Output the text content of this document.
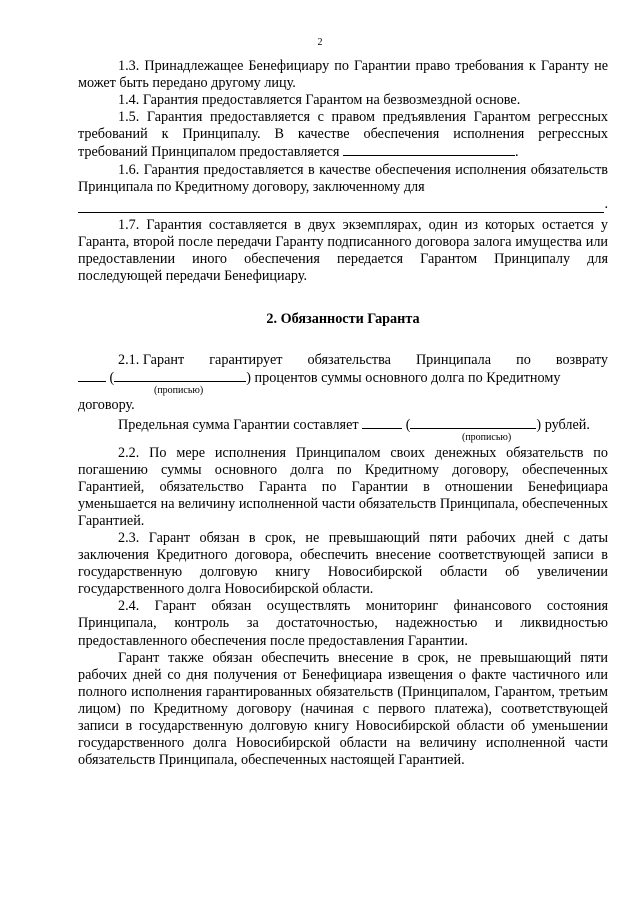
2

1.3. Принадлежащее Бенефициару по Гарантии право требования к Гаранту не может быть передано другому лицу.

1.4. Гарантия предоставляется Гарантом на безвозмездной основе.

1.5. Гарантия предоставляется с правом предъявления Гарантом регрессных требований к Принципалу. В качестве обеспечения исполнения регрессных требований Принципалом предоставляется	.

1.6. Гарантия предоставляется в качестве обеспечения исполнения обязательств Принципала по Кредитному договору, заключенному для

.

1.7. Гарантия составляется в двух экземплярах, один из которых остается у Гаранта, второй после передачи Гаранту подписанного договора залога имущества или предоставлении иного обеспечения передается Гарантом Принципалу для последующей передачи Бенефициару.

2. Обязанности Гаранта
2.1. Гарант гарантирует обязательства Принципала по возврату
(	) процентов суммы основного долга по Кредитному
(прописью)
договору.
Предельная сумма Гарантии составляет	(	) рублей.
(прописью)

2.2. По мере исполнения Принципалом своих денежных обязательств по погашению суммы основного долга по Кредитному договору, обеспеченных Гарантией, обязательство Гаранта по Гарантии в отношении Бенефициара уменьшается на величину исполненной части обязательств Принципала, обеспеченных Гарантией.

2.3. Гарант обязан в срок, не превышающий пяти рабочих дней с даты заключения Кредитного договора, обеспечить внесение соответствующей записи в государственную долговую книгу Новосибирской области об увеличении государственного долга Новосибирской области.

2.4. Гарант обязан осуществлять мониторинг финансового состояния Принципала, контроль за достаточностью, надежностью и ликвидностью предоставленного обеспечения после предоставления Гарантии.

Гарант также обязан обеспечить внесение в срок, не превышающий пяти рабочих дней со дня получения от Бенефициара извещения о факте частичного или полного исполнения гарантированных обязательств (Принципалом, Гарантом, третьим лицом) по Кредитному договору (начиная с первого платежа), соответствующей записи в государственную долговую книгу Новосибирской области об уменьшении государственного долга Новосибирской области на величину исполненной части обязательств Принципала, обеспеченных настоящей Гарантией.
